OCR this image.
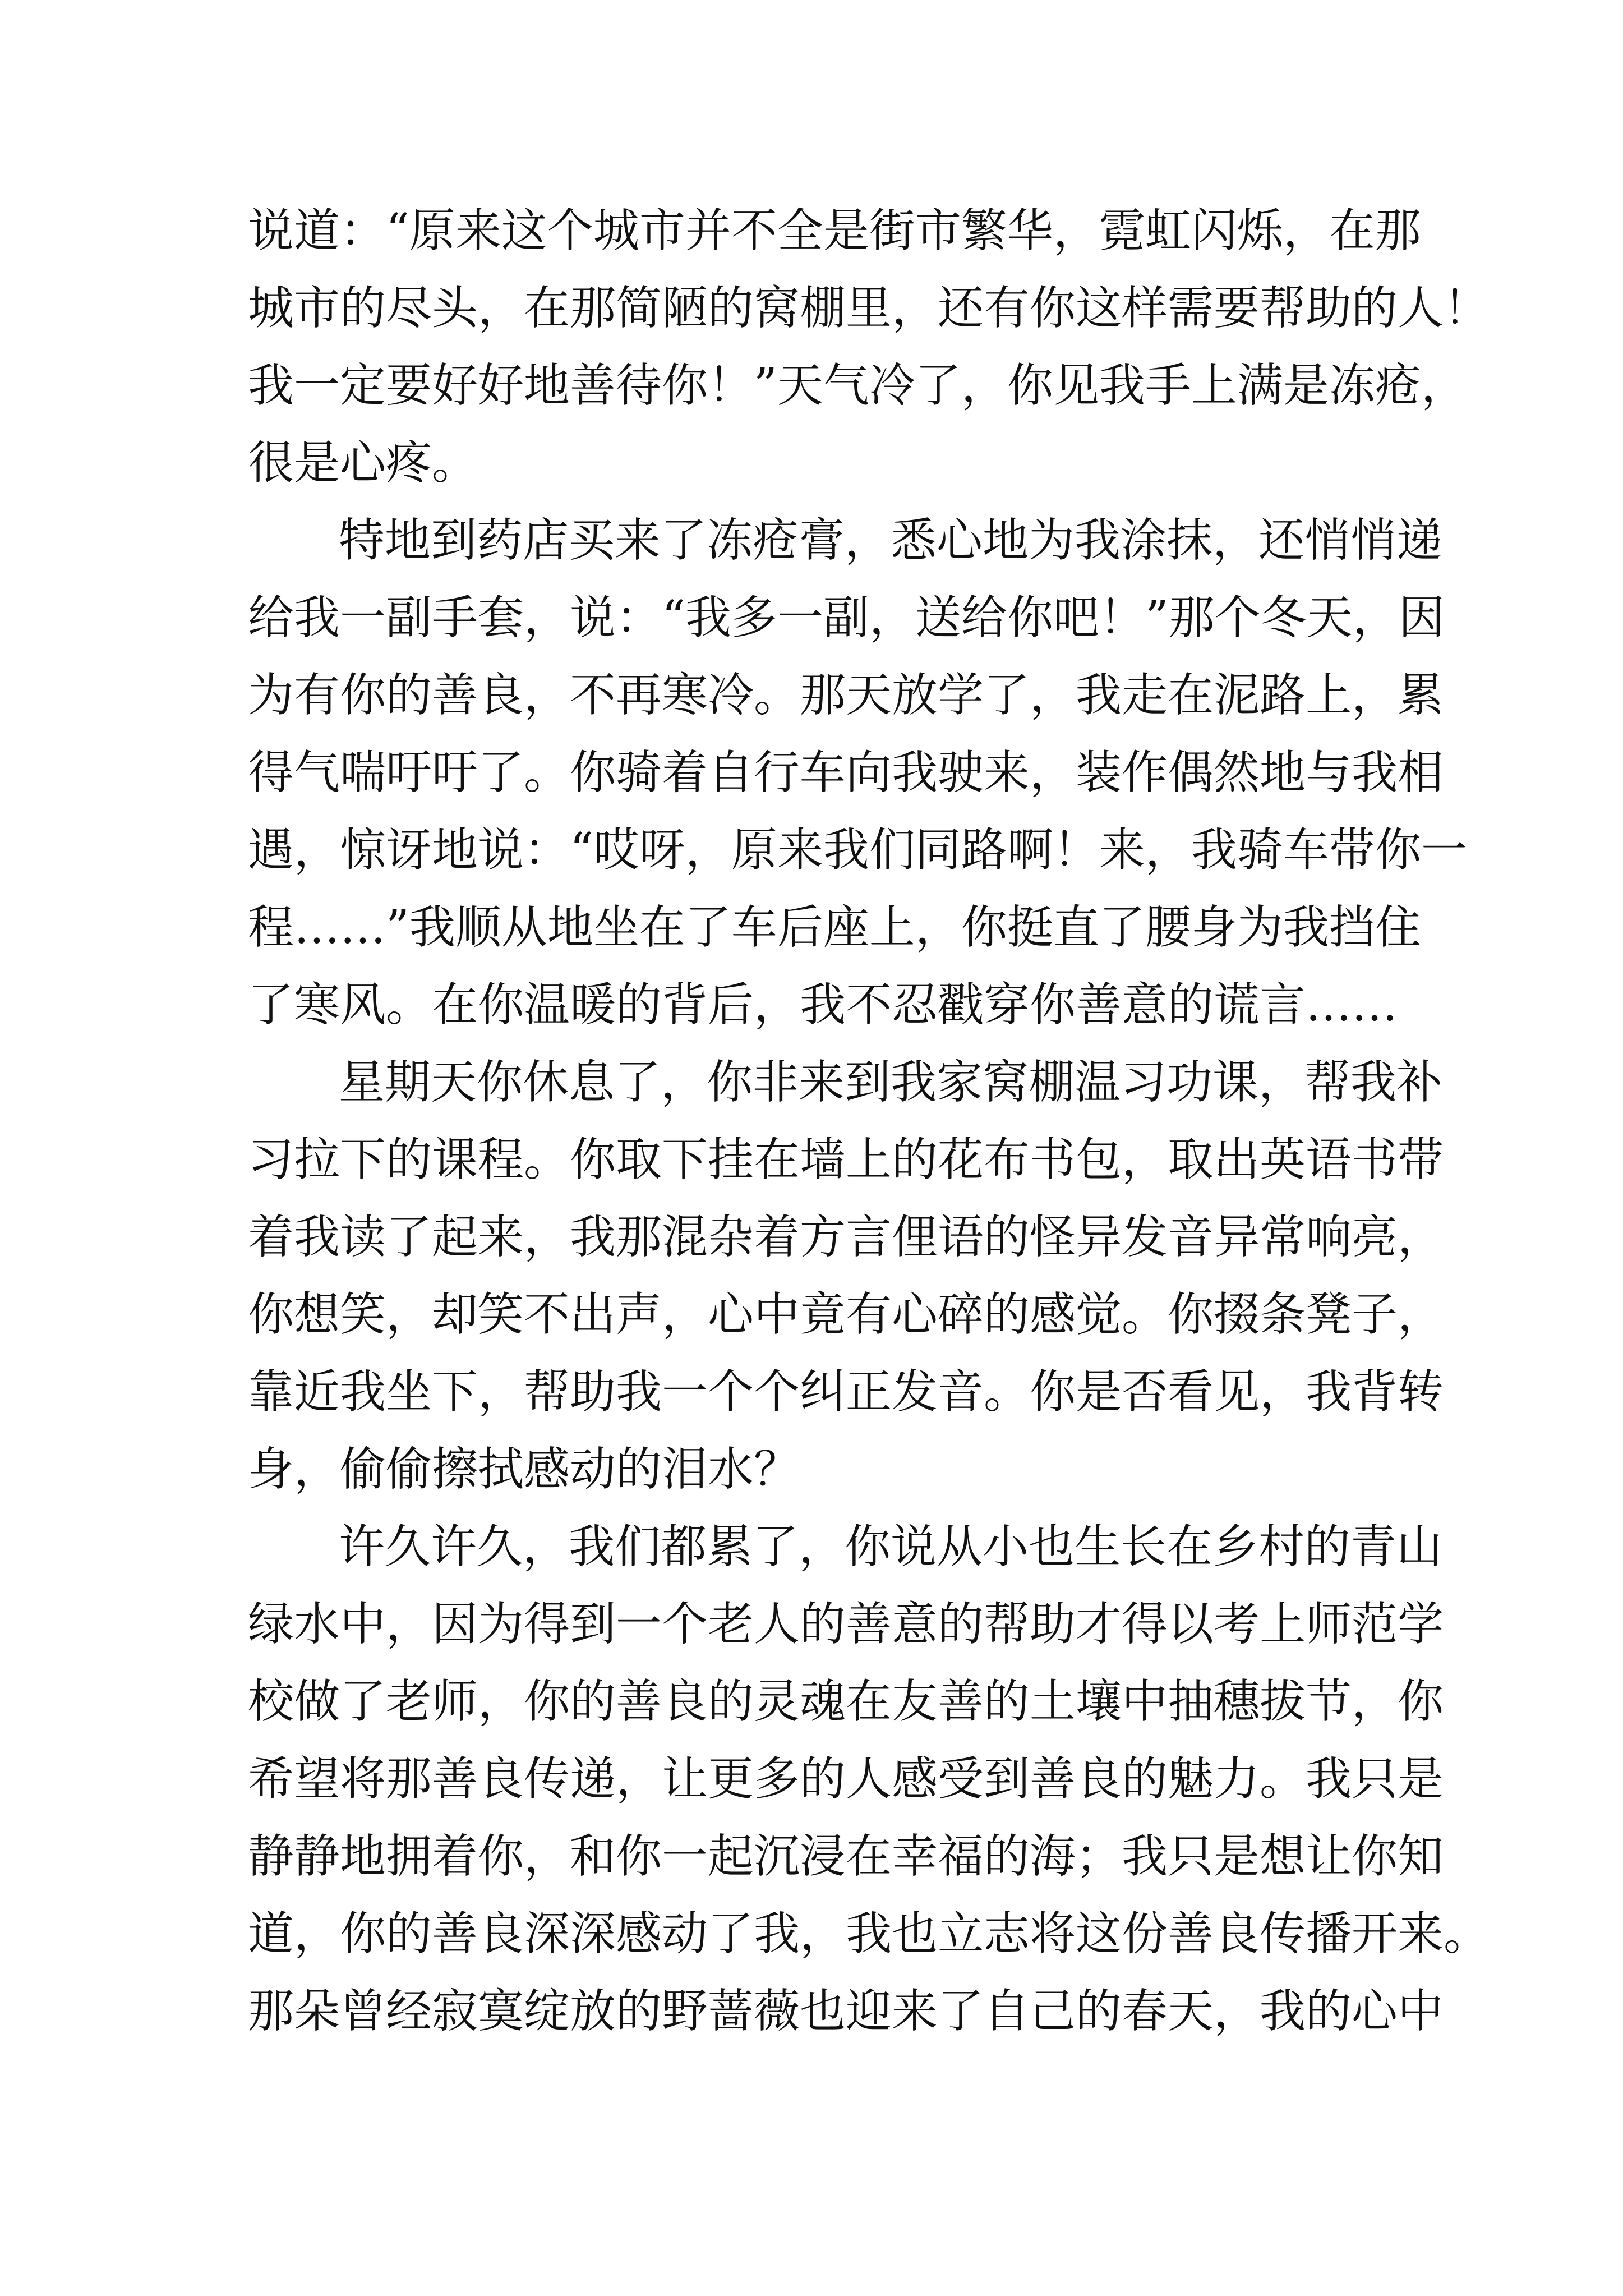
说道：“原来这个城市并不全是街市繁华，霓虹闪烁，在那

城市的尽头，在那简陋的窝棚里，还有你这样需要帮助的人！

我一定要好好地善待你！”天气冷了，你见我手上满是冻疮，

很是心疼。

特地到药店买来了冻疮膏，悉心地为我涂抹，还悄悄递

给我一副手套，说：“我多一副，送给你吧！”那个冬天，因

为有你的善良，不再寒冷。那天放学了，我走在泥路上，累

得气喘吁吁了。你骑着自行车向我驶来，装作偶然地与我相

遇，惊讶地说：“哎呀，原来我们同路啊！来，我骑车带你一

程……”我顺从地坐在了车后座上，你挺直了腰身为我挡住

了寒风。在你温暖的背后，我不忍戳穿你善意的谎言……

星期天你休息了，你非来到我家窝棚温习功课，帮我补

习拉下的课程。你取下挂在墙上的花布书包，取出英语书带

着我读了起来，我那混杂着方言俚语的怪异发音异常响亮，

你想笑，却笑不出声，心中竟有心碎的感觉。你掇条凳子，

靠近我坐下，帮助我一个个纠正发音。你是否看见，我背转

身，偷偷擦拭感动的泪水？

许久许久，我们都累了，你说从小也生长在乡村的青山

绿水中，因为得到一个老人的善意的帮助才得以考上师范学

校做了老师，你的善良的灵魂在友善的土壤中抽穗拔节，你

希望将那善良传递，让更多的人感受到善良的魅力。我只是

静静地拥着你，和你一起沉浸在幸福的海；我只是想让你知

道，你的善良深深感动了我，我也立志将这份善良传播开来。

那朵曾经寂寞绽放的野蔷薇也迎来了自己的春天，我的心中
